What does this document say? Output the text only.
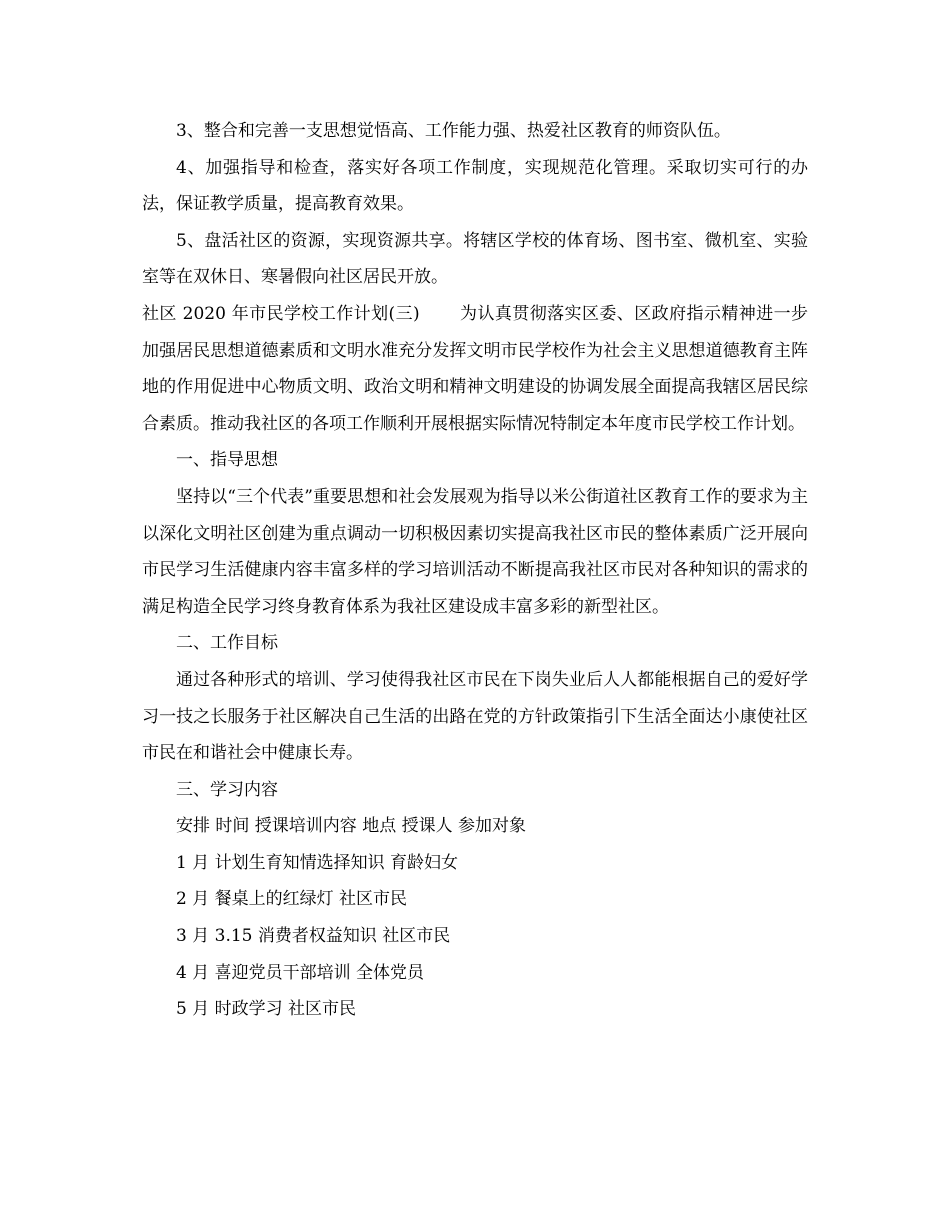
3、整合和完善一支思想觉悟高、工作能力强、热爱社区教育的师资队伍。

4、加强指导和检查，落实好各项工作制度，实现规范化管理。采取切实可行的办法，保证教学质量，提高教育效果。

5、盘活社区的资源，实现资源共享。将辖区学校的体育场、图书室、微机室、实验室等在双休日、寒暑假向社区居民开放。

社区 2020 年市民学校工作计划(三) 为认真贯彻落实区委、区政府指示精神进一步加强居民思想道德素质和文明水准充分发挥文明市民学校作为社会主义思想道德教育主阵地的作用促进中心物质文明、政治文明和精神文明建设的协调发展全面提高我辖区居民综合素质。推动我社区的各项工作顺利开展根据实际情况特制定本年度市民学校工作计划。

一、指导思想

坚持以“三个代表”重要思想和社会发展观为指导以米公街道社区教育工作的要求为主以深化文明社区创建为重点调动一切积极因素切实提高我社区市民的整体素质广泛开展向市民学习生活健康内容丰富多样的学习培训活动不断提高我社区市民对各种知识的需求的满足构造全民学习终身教育体系为我社区建设成丰富多彩的新型社区。

二、工作目标

通过各种形式的培训、学习使得我社区市民在下岗失业后人人都能根据自己的爱好学习一技之长服务于社区解决自己生活的出路在党的方针政策指引下生活全面达小康使社区市民在和谐社会中健康长寿。

三、学习内容

安排 时间 授课培训内容 地点 授课人 参加对象

1 月 计划生育知情选择知识 育龄妇女

2 月 餐桌上的红绿灯 社区市民

3 月 3.15 消费者权益知识 社区市民

4 月 喜迎党员干部培训 全体党员

5 月 时政学习 社区市民
